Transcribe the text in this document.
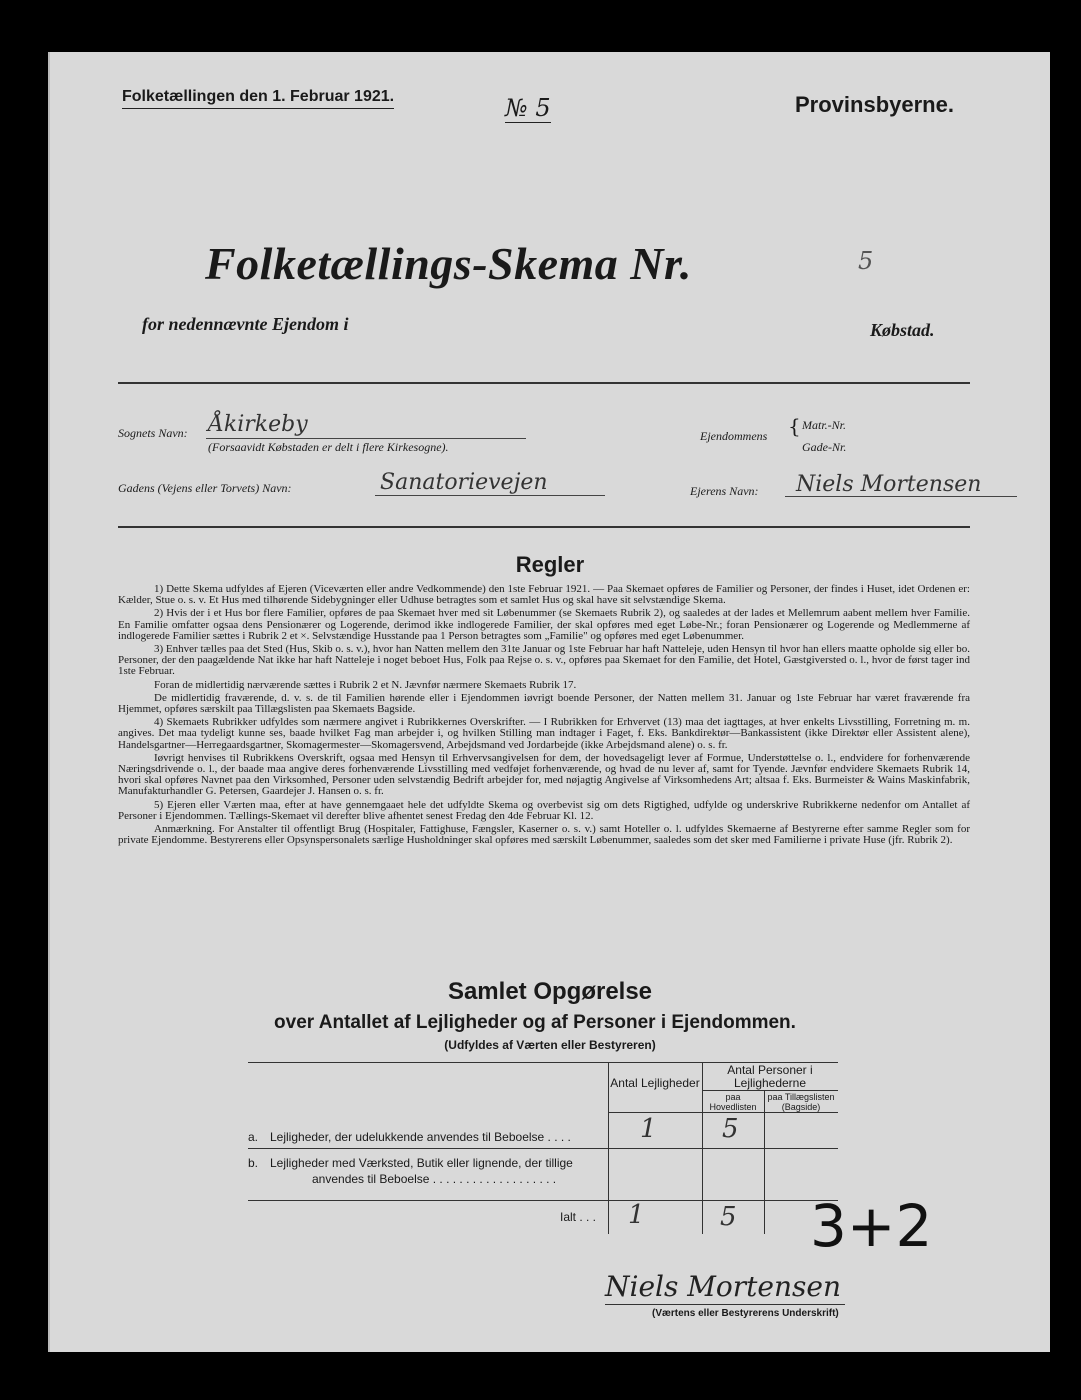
Folketællingen den 1. Februar 1921.	№ 5	Provinsbyerne.
Folketællings-Skema Nr.	5
for nedennævnte Ejendom i	Købstad.
Sognets Navn: Åkirkeby
(Forsaavidt Købstaden er delt i flere Kirkesogne).
Ejendommens { Matr.-Nr.
Gade-Nr.
Gadens (Vejens eller Torvets) Navn:	Sanatorievejen	Ejerens Navn: Niels Mortensen
Regler

1) Dette Skema udfyldes af Ejeren (Viceværten eller andre Vedkommende) den 1ste Februar 1921. — Paa Skemaet opføres de Familier og Personer, der findes i Huset, idet Ordenen er: Kælder, Stue o. s. v. Et Hus med tilhørende Sidebygninger eller Udhuse betragtes som et samlet Hus og skal have sit selvstændige Skema.

2) Hvis der i et Hus bor flere Familier, opføres de paa Skemaet hver med sit Løbenummer (se Skemaets Rubrik 2), og saaledes at der lades et Mellemrum aabent mellem hver Familie. En Familie omfatter ogsaa dens Pensionærer og Logerende, derimod ikke indlogerede Familier, der skal opføres med eget Løbe-Nr.; foran Pensionærer og Logerende og Medlemmerne af indlogerede Familier sættes i Rubrik 2 et ×. Selvstændige Husstande paa 1 Person betragtes som „Familie" og opføres med eget Løbenummer.

3) Enhver tælles paa det Sted (Hus, Skib o. s. v.), hvor han Natten mellem den 31te Januar og 1ste Februar har haft Natteleje, uden Hensyn til hvor han ellers maatte opholde sig eller bo. Personer, der den paagældende Nat ikke har haft Natteleje i noget beboet Hus, Folk paa Rejse o. s. v., opføres paa Skemaet for den Familie, det Hotel, Gæstgiversted o. l., hvor de først tager ind 1ste Februar.

Foran de midlertidig nærværende sættes i Rubrik 2 et N. Jævnfør nærmere Skemaets Rubrik 17.

De midlertidig fraværende, d. v. s. de til Familien hørende eller i Ejendommen iøvrigt boende Personer, der Natten mellem 31. Januar og 1ste Februar har været fraværende fra Hjemmet, opføres særskilt paa Tillægslisten paa Skemaets Bagside.

4) Skemaets Rubrikker udfyldes som nærmere angivet i Rubrikkernes Overskrifter. — I Rubrikken for Erhvervet (13) maa det iagttages, at hver enkelts Livsstilling, Forretning m. m. angives. Det maa tydeligt kunne ses, baade hvilket Fag man arbejder i, og hvilken Stilling man indtager i Faget, f. Eks. Bankdirektør—Bankassistent (ikke Direktør eller Assistent alene), Handelsgartner—Herregaardsgartner, Skomagermester—Skomagersvend, Arbejdsmand ved Jordarbejde (ikke Arbejdsmand alene) o. s. fr.

Iøvrigt henvises til Rubrikkens Overskrift, ogsaa med Hensyn til Erhvervsangivelsen for dem, der hovedsageligt lever af Formue, Understøttelse o. l., endvidere for forhenværende Næringsdrivende o. l., der baade maa angive deres forhenværende Livsstilling med vedføjet forhenværende, og hvad de nu lever af, samt for Tyende. Jævnfør endvidere Skemaets Rubrik 14, hvori skal opføres Navnet paa den Virksomhed, Personer uden selvstændig Bedrift arbejder for, med nøjagtig Angivelse af Virksomhedens Art; altsaa f. Eks. Burmeister & Wains Maskinfabrik, Manufakturhandler G. Petersen, Gaardejer J. Hansen o. s. fr.

5) Ejeren eller Værten maa, efter at have gennemgaaet hele det udfyldte Skema og overbevist sig om dets Rigtighed, udfylde og underskrive Rubrikkerne nedenfor om Antallet af Personer i Ejendommen. Tællings-Skemaet vil derefter blive afhentet senest Fredag den 4de Februar Kl. 12.

Anmærkning. For Anstalter til offentligt Brug (Hospitaler, Fattighuse, Fængsler, Kaserner o. s. v.) samt Hoteller o. l. udfyldes Skemaerne af Bestyrerne efter samme Regler som for private Ejendomme. Bestyrerens eller Opsynspersonalets særlige Husholdninger skal opføres med særskilt Løbenummer, saaledes som det sker med Familierne i private Huse (jfr. Rubrik 2).

Samlet Opgørelse
over Antallet af Lejligheder og af Personer i Ejendommen.
(Udfyldes af Værten eller Bestyreren)
Antal Lejligheder
Antal Personer i Lejlighederne
paa Hovedlisten
paa Tillægslisten (Bagside)
a. Lejligheder, der udelukkende anvendes til Beboelse . . . .	1	5
b. Lejligheder med Værksted, Butik eller lignende, der tillige
anvendes til Beboelse . . . . . . . . . . . . . . . . . . .
Ialt . . . 1	5 3+2
Niels Mortensen
(Værtens eller Bestyrerens Underskrift)
